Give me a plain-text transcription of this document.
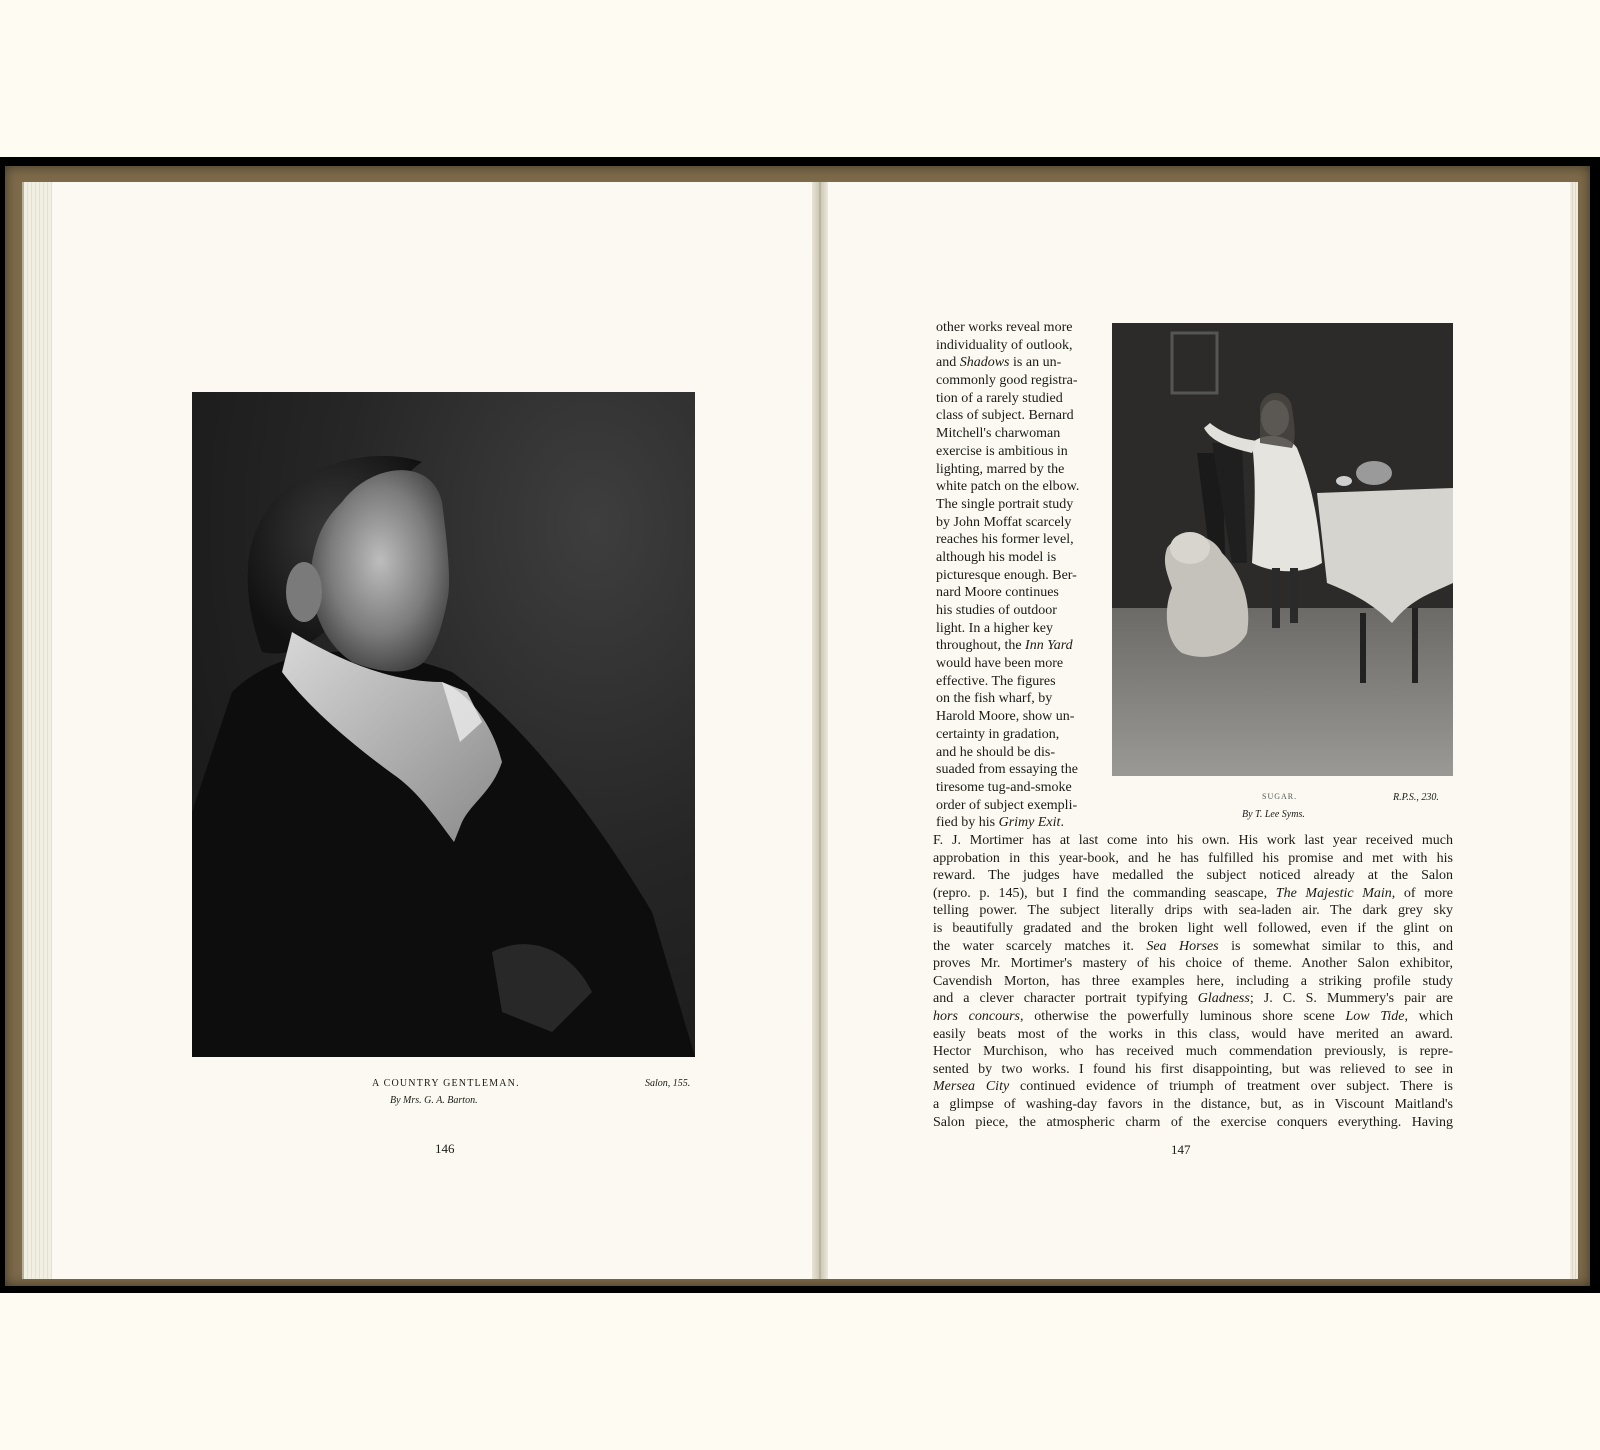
A COUNTRY GENTLEMAN.	Salon, 155.
By Mrs. G. A. Barton.
146
other works reveal more
individuality of outlook,
and Shadows is an un-
commonly good registra-
tion of a rarely studied
class of subject. Bernard
Mitchell's charwoman
exercise is ambitious in
lighting, marred by the
white patch on the elbow.
The single portrait study
by John Moffat scarcely
reaches his former level,
although his model is
picturesque enough. Ber-
nard Moore continues
his studies of outdoor
light. In a higher key
throughout, the Inn Yard
would have been more
effective. The figures
on the fish wharf, by
Harold Moore, show un-
certainty in gradation,
and he should be dis-
suaded from essaying the
tiresome tug-and-smoke
order of subject exempli-
fied by his Grimy Exit.
SUGAR.	R.P.S., 230.
By T. Lee Syms.
F. J. Mortimer has at last come into his own. His work last year received much
approbation in this year-book, and he has fulfilled his promise and met with his
reward. The judges have medalled the subject noticed already at the Salon
(repro. p. 145), but I find the commanding seascape, The Majestic Main, of more
telling power. The subject literally drips with sea-laden air. The dark grey sky
is beautifully gradated and the broken light well followed, even if the glint on
the water scarcely matches it. Sea Horses is somewhat similar to this, and
proves Mr. Mortimer's mastery of his choice of theme. Another Salon exhibitor,
Cavendish Morton, has three examples here, including a striking profile study
and a clever character portrait typifying Gladness; J. C. S. Mummery's pair are
hors concours, otherwise the powerfully luminous shore scene Low Tide, which
easily beats most of the works in this class, would have merited an award.
Hector Murchison, who has received much commendation previously, is repre-
sented by two works. I found his first disappointing, but was relieved to see in
Mersea City continued evidence of triumph of treatment over subject. There is
a glimpse of washing-day favors in the distance, but, as in Viscount Maitland's
Salon piece, the atmospheric charm of the exercise conquers everything. Having
147
